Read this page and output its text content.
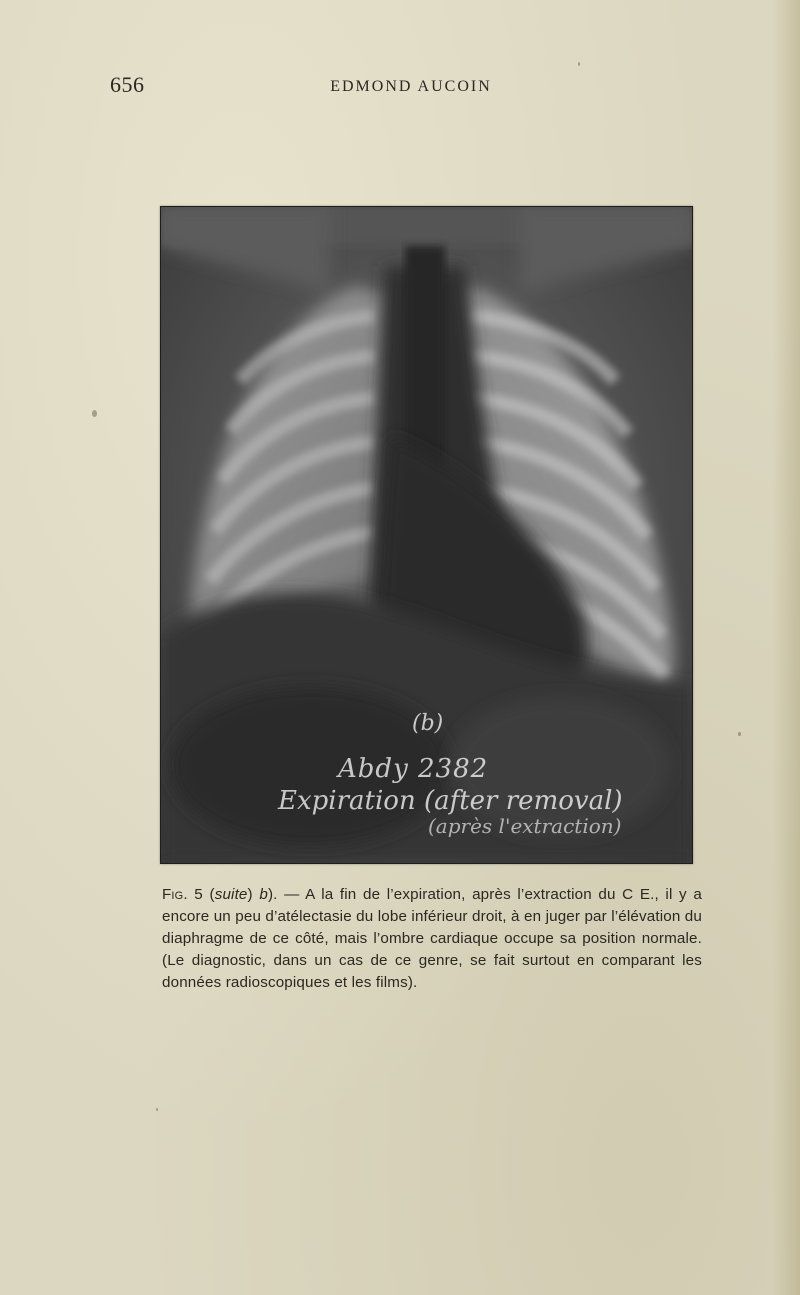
656	EDMOND AUCOIN
(b)
Abdy 2382
Expiration (after removal)
(après l'extraction)
Fig. 5 (suite) b). — A la fin de l’expiration, après l’extraction du C E., il y a encore un peu d’atélectasie du lobe inférieur droit, à en juger par l’élévation du diaphragme de ce côté, mais l’ombre cardiaque occupe sa position normale. (Le diagnostic, dans un cas de ce genre, se fait surtout en comparant les données radioscopiques et les films).
